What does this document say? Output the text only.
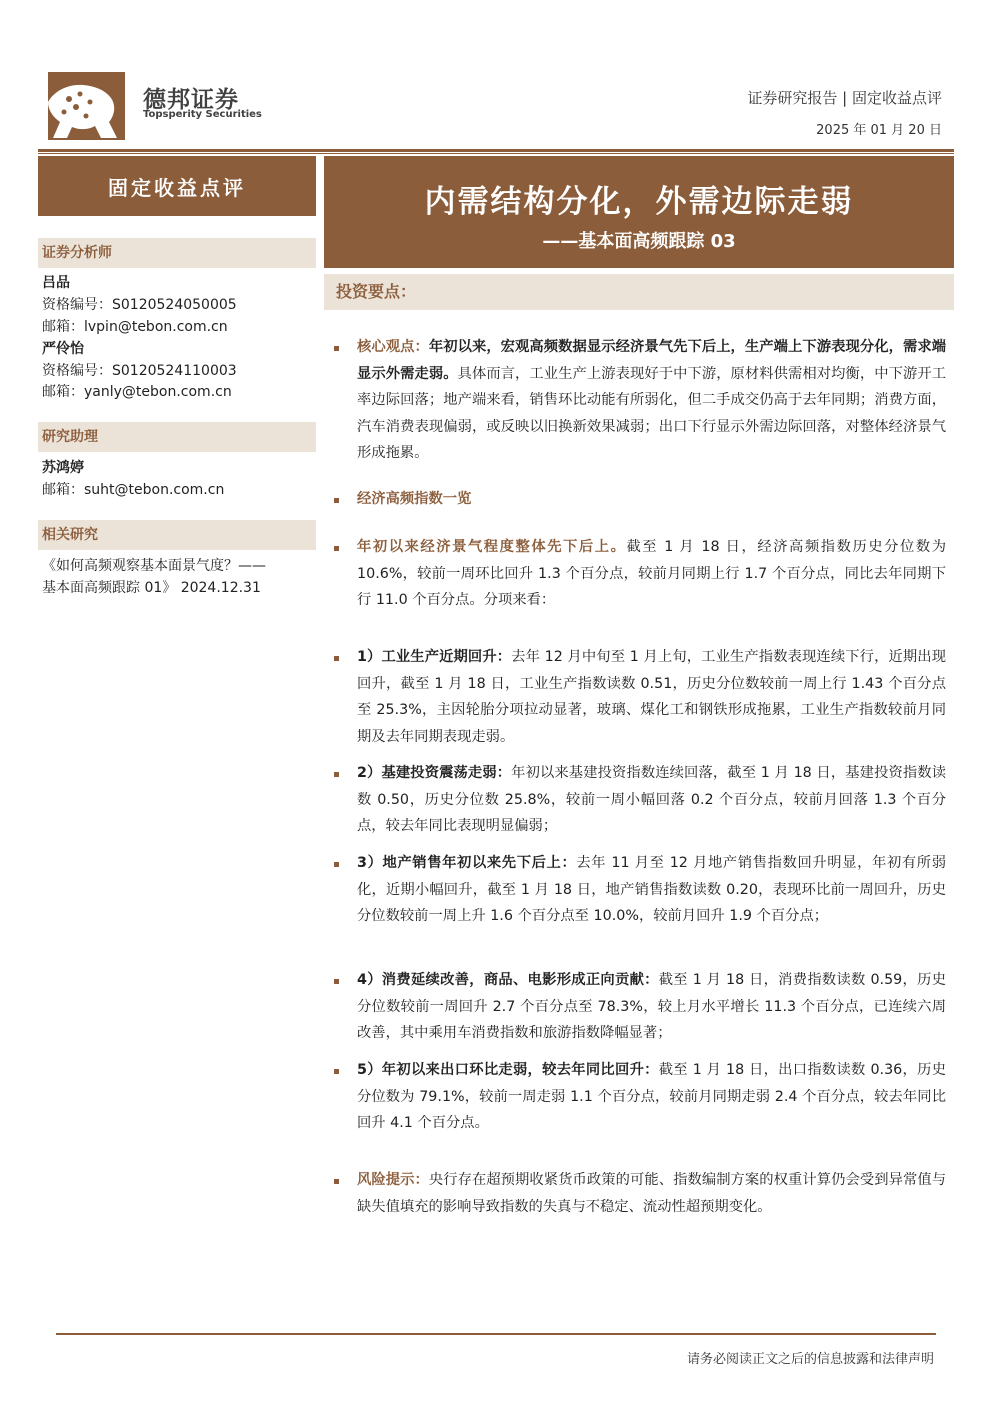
德邦证券
Topsperity Securities
证券研究报告 | 固定收益点评
2025 年 01 月 20 日
固定收益点评
证券分析师
吕品
资格编号：S0120524050005
邮箱：lvpin@tebon.com.cn
严伶怡
资格编号：S0120524110003
邮箱：yanly@tebon.com.cn
研究助理
苏鸿婷
邮箱：suht@tebon.com.cn
相关研究
《如何高频观察基本面景气度？——
基本面高频跟踪 01》 2024.12.31
内需结构分化，外需边际走弱
——基本面高频跟踪 03
投资要点：
核心观点：年初以来，宏观高频数据显示经济景气先下后上，生产端上下游表现分化，需求端显示外需走弱。具体而言，工业生产上游表现好于中下游，原材料供需相对均衡，中下游开工率边际回落；地产端来看，销售环比动能有所弱化，但二手成交仍高于去年同期；消费方面，汽车消费表现偏弱，或反映以旧换新效果减弱；出口下行显示外需边际回落，对整体经济景气形成拖累。
经济高频指数一览
年初以来经济景气程度整体先下后上。截至 1 月 18 日，经济高频指数历史分位数为 10.6%，较前一周环比回升 1.3 个百分点，较前月同期上行 1.7 个百分点，同比去年同期下行 11.0 个百分点。分项来看：
1）工业生产近期回升：去年 12 月中旬至 1 月上旬，工业生产指数表现连续下行，近期出现回升，截至 1 月 18 日，工业生产指数读数 0.51，历史分位数较前一周上行 1.43 个百分点至 25.3%，主因轮胎分项拉动显著，玻璃、煤化工和钢铁形成拖累，工业生产指数较前月同期及去年同期表现走弱。
2）基建投资震荡走弱：年初以来基建投资指数连续回落，截至 1 月 18 日，基建投资指数读数 0.50，历史分位数 25.8%，较前一周小幅回落 0.2 个百分点，较前月回落 1.3 个百分点，较去年同比表现明显偏弱；
3）地产销售年初以来先下后上：去年 11 月至 12 月地产销售指数回升明显，年初有所弱化，近期小幅回升，截至 1 月 18 日，地产销售指数读数 0.20，表现环比前一周回升，历史分位数较前一周上升 1.6 个百分点至 10.0%，较前月回升 1.9 个百分点；
4）消费延续改善，商品、电影形成正向贡献：截至 1 月 18 日，消费指数读数 0.59，历史分位数较前一周回升 2.7 个百分点至 78.3%，较上月水平增长 11.3 个百分点，已连续六周改善，其中乘用车消费指数和旅游指数降幅显著；
5）年初以来出口环比走弱，较去年同比回升：截至 1 月 18 日，出口指数读数 0.36，历史分位数为 79.1%，较前一周走弱 1.1 个百分点，较前月同期走弱 2.4 个百分点，较去年同比回升 4.1 个百分点。
风险提示：央行存在超预期收紧货币政策的可能、指数编制方案的权重计算仍会受到异常值与缺失值填充的影响导致指数的失真与不稳定、流动性超预期变化。
请务必阅读正文之后的信息披露和法律声明
